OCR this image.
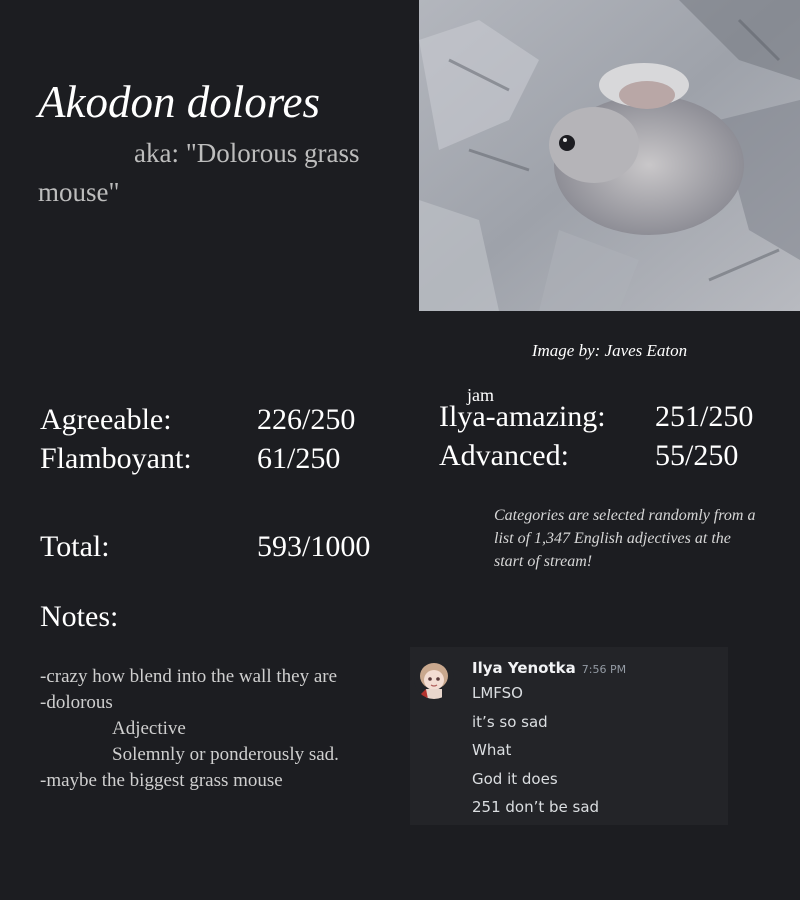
Akodon dolores
aka: "Dolorous grass mouse"
Image by: Javes Eaton
Agreeable:	226/250
Flamboyant: 61/250
jam
Ilya-amazing: 251/250
Advanced:	55/250
Total:	593/1000
Categories are selected randomly from a list of 1,347 English adjectives at the start of stream!
Notes:
-crazy how blend into the wall they are
-dolorous
Adjective
Solemnly or ponderously sad.
-maybe the biggest grass mouse
Ilya Yenotka 7:56 PM
LMFSO
it’s so sad
What
God it does
251 don’t be sad
